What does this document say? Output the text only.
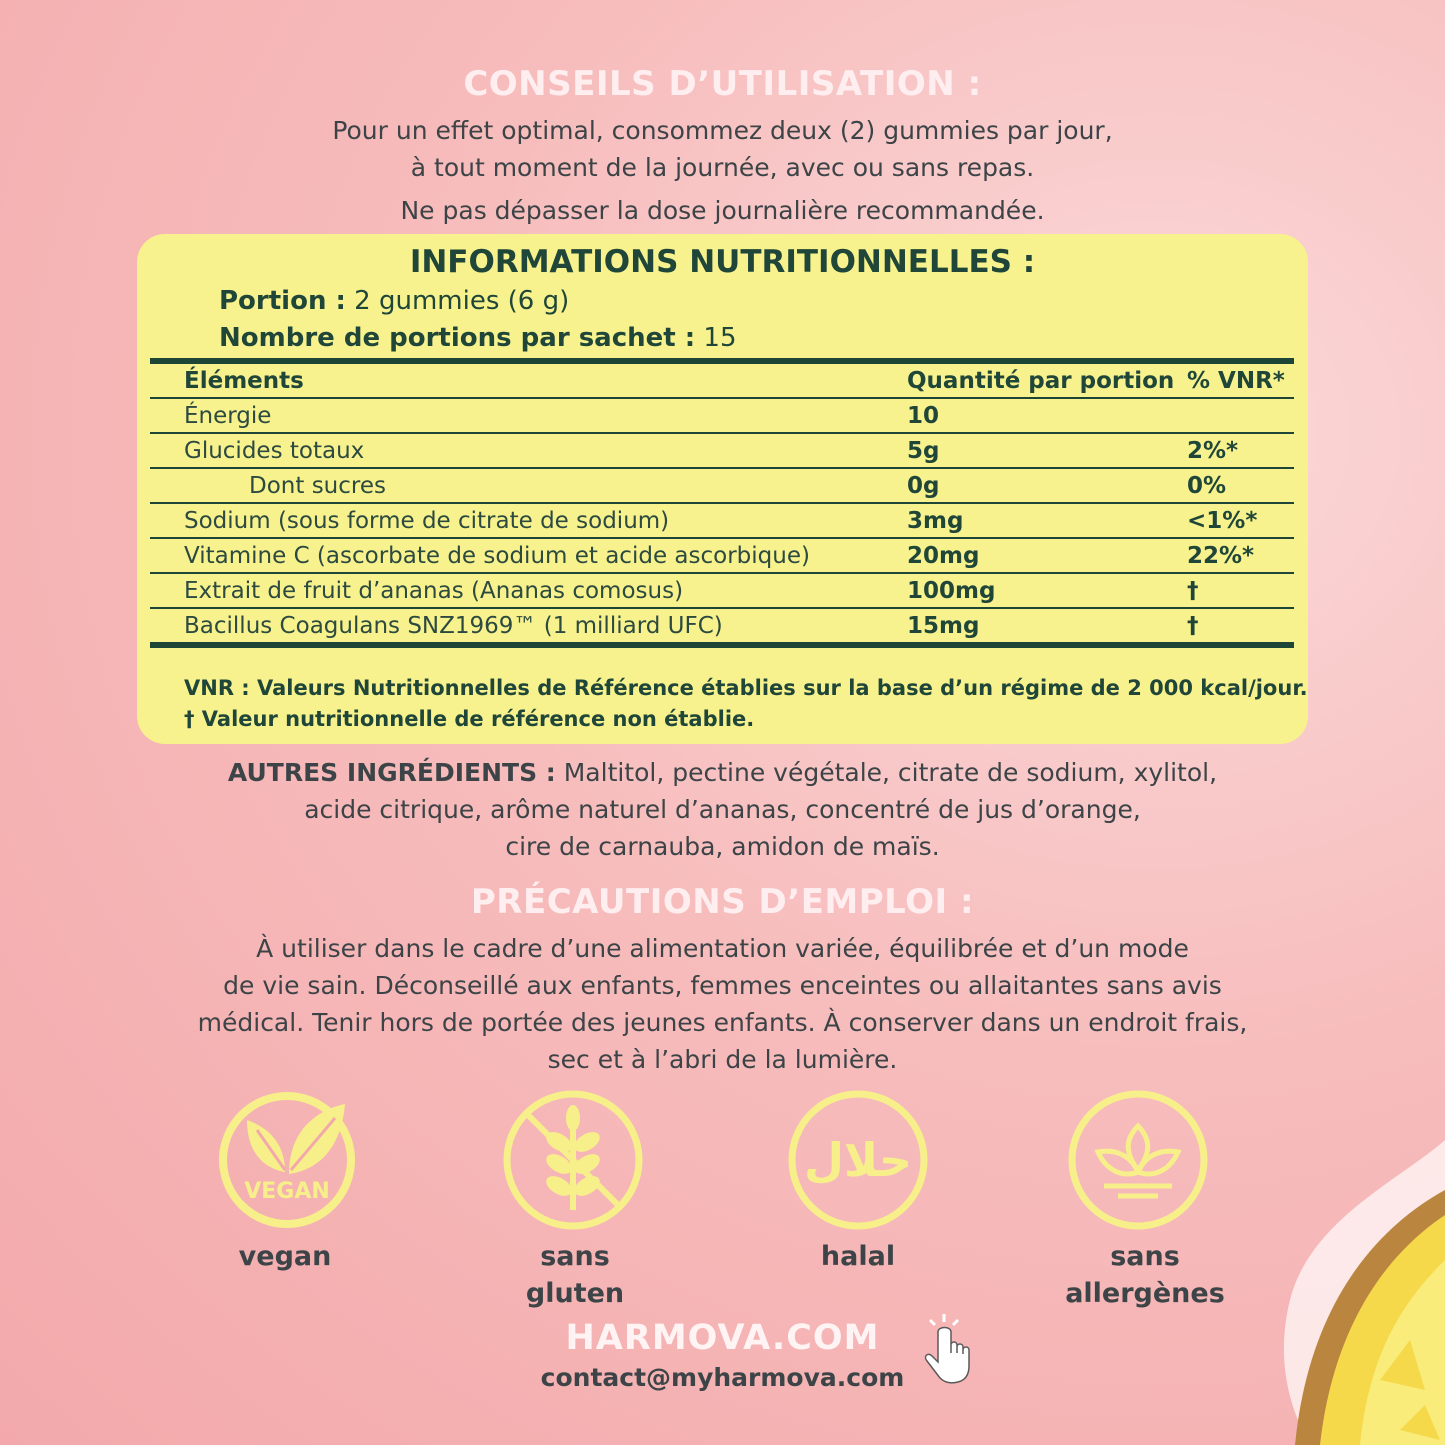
CONSEILS D’UTILISATION :
Pour un effet optimal, consommez deux (2) gummies par jour,
à tout moment de la journée, avec ou sans repas.
Ne pas dépasser la dose journalière recommandée.
INFORMATIONS NUTRITIONNELLES :
Portion : 2 gummies (6 g)
Nombre de portions par sachet : 15
Éléments	Quantité par portion	% VNR*
Énergie	10	
Glucides totaux	5g	2%*
Dont sucres	0g	0%
Sodium (sous forme de citrate de sodium)	3mg	<1%*
Vitamine C (ascorbate de sodium et acide ascorbique)	20mg	22%*
Extrait de fruit d’ananas (Ananas comosus)	100mg	†
Bacillus Coagulans SNZ1969™ (1 milliard UFC)	15mg	†
VNR : Valeurs Nutritionnelles de Référence établies sur la base d’un régime de 2 000 kcal/jour.
† Valeur nutritionnelle de référence non établie.
AUTRES INGRÉDIENTS : Maltitol, pectine végétale, citrate de sodium, xylitol,
acide citrique, arôme naturel d’ananas, concentré de jus d’orange,
cire de carnauba, amidon de maïs.
PRÉCAUTIONS D’EMPLOI :
À utiliser dans le cadre d’une alimentation variée, équilibrée et d’un mode
de vie sain. Déconseillé aux enfants, femmes enceintes ou allaitantes sans avis
médical. Tenir hors de portée des jeunes enfants. À conserver dans un endroit frais,
sec et à l’abri de la lumière.
VEGAN
حلال
vegan	sans
gluten
halal	sans
allergènes
HARMOVA.COM
contact@myharmova.com
